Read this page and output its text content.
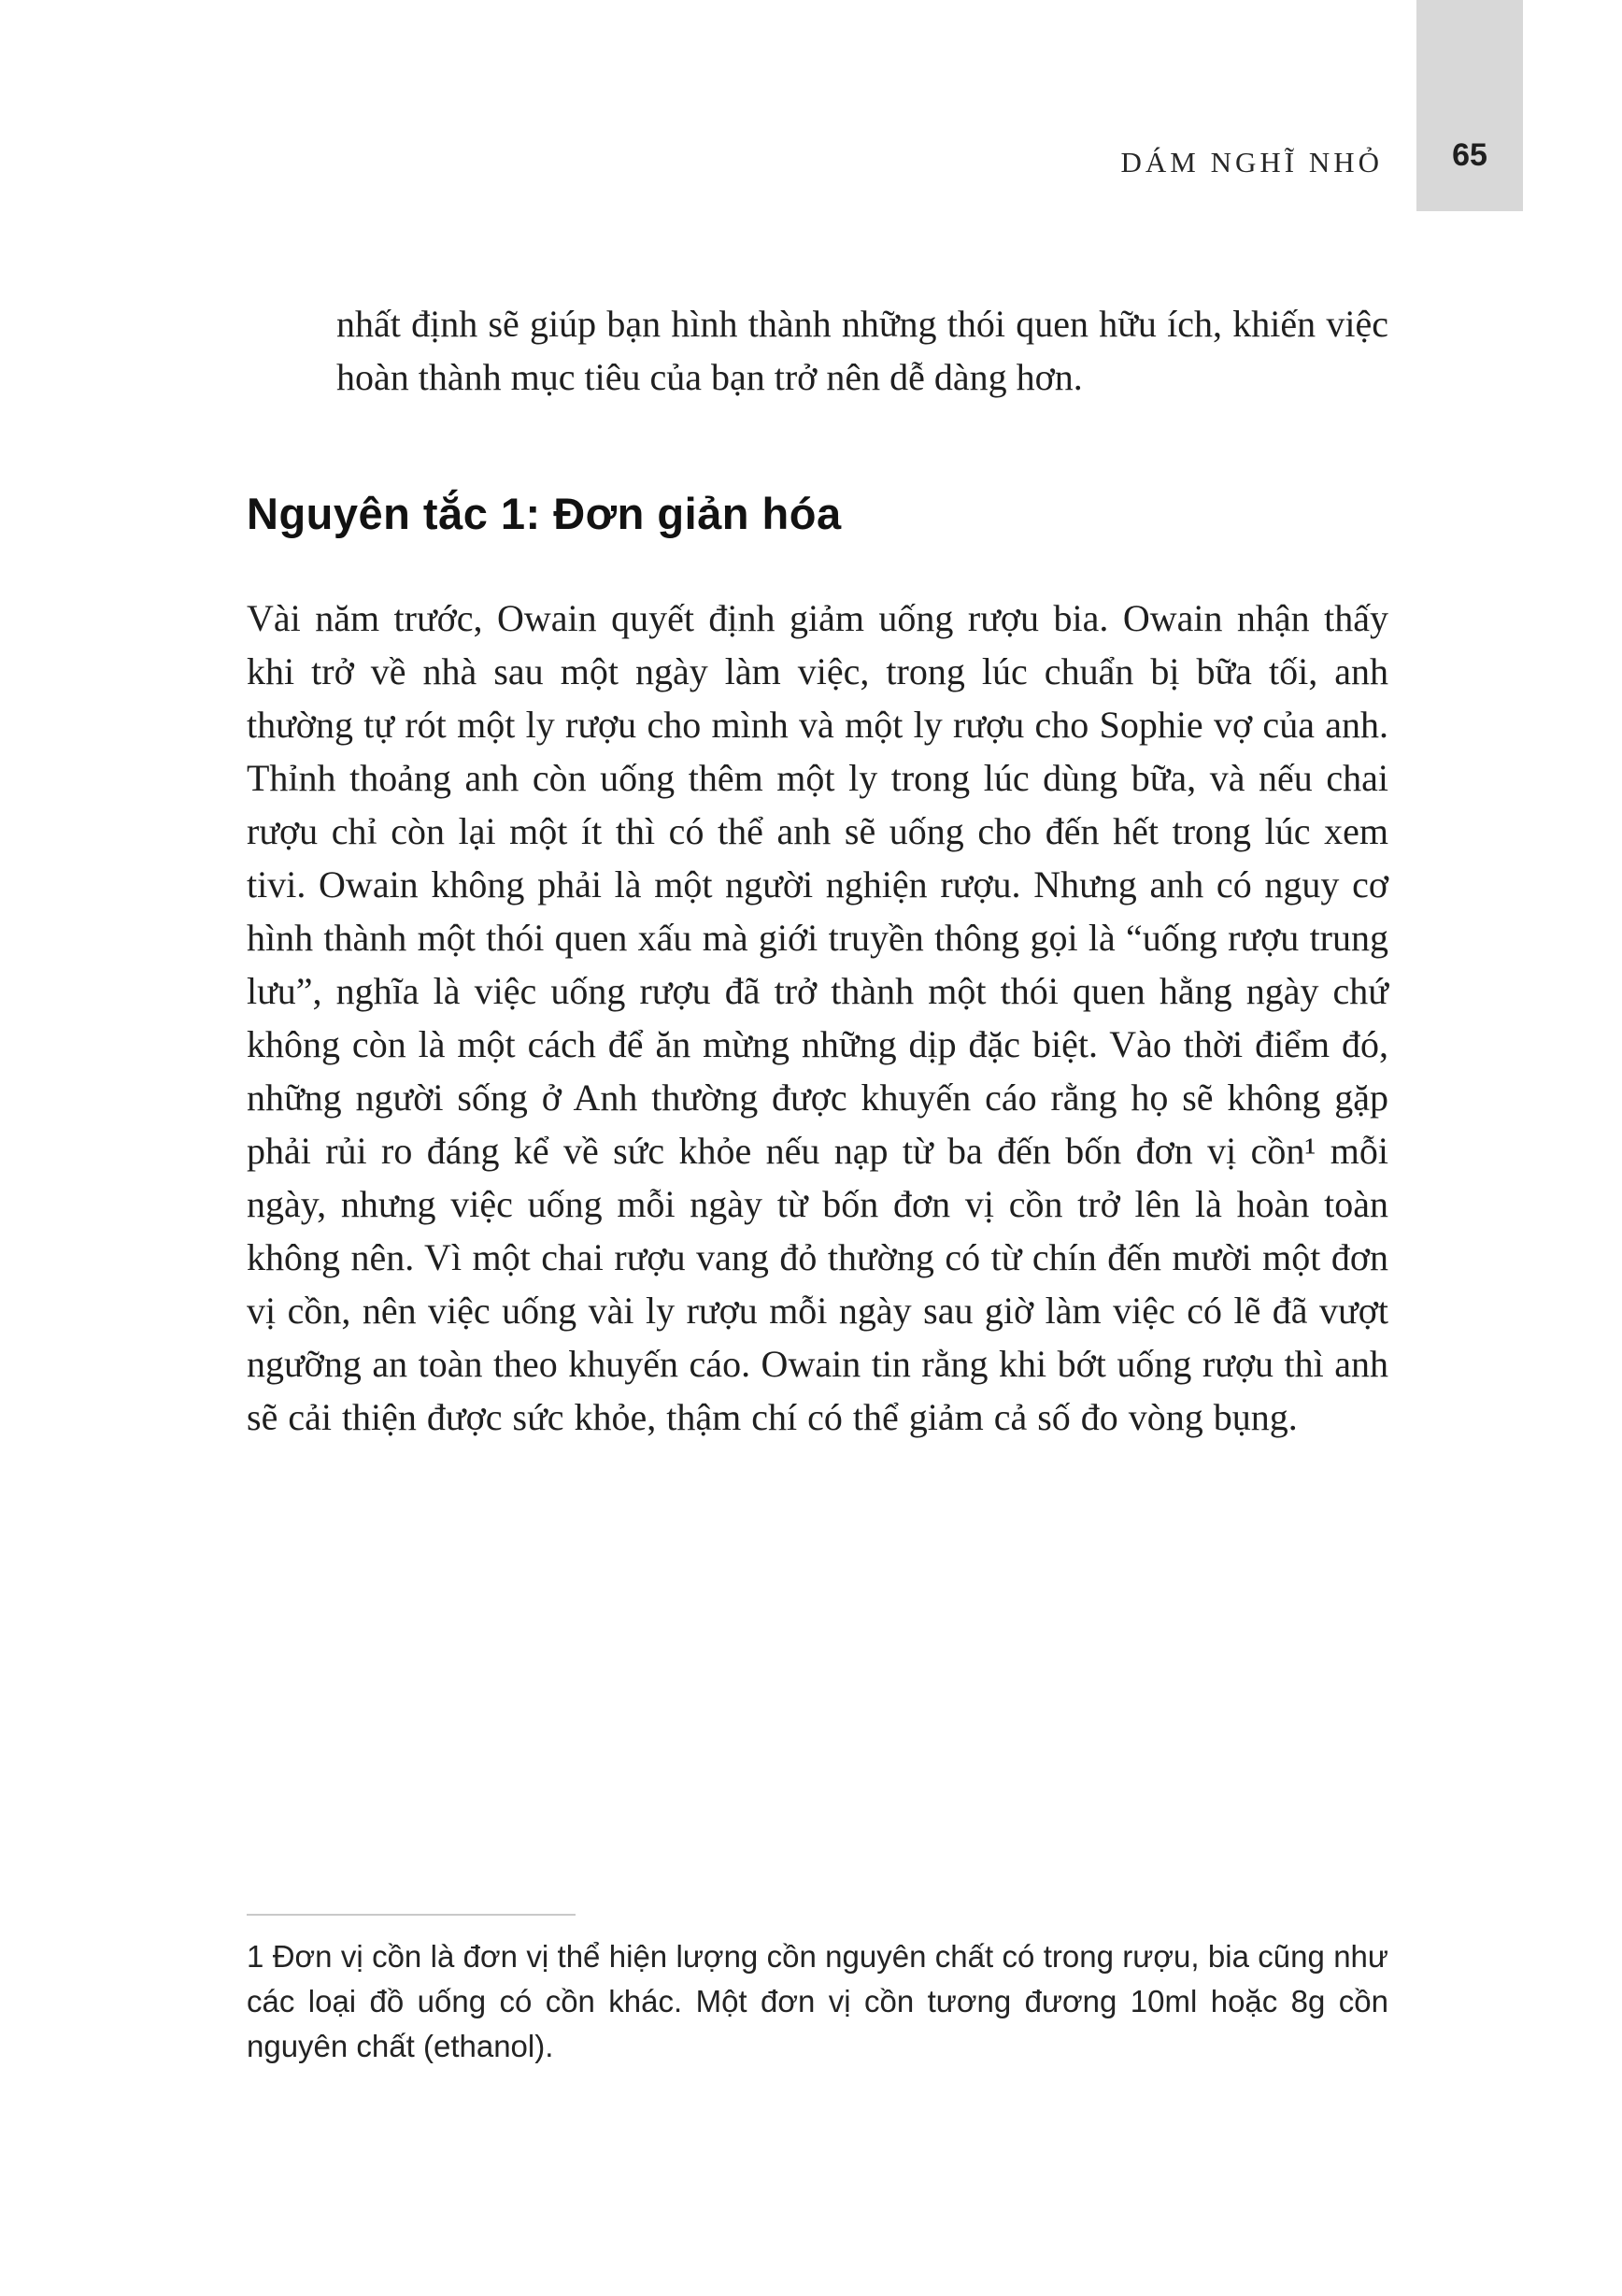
65
DÁM NGHĨ NHỎ

nhất định sẽ giúp bạn hình thành những thói quen hữu ích, khiến việc hoàn thành mục tiêu của bạn trở nên dễ dàng hơn.

Nguyên tắc 1: Đơn giản hóa

Vài năm trước, Owain quyết định giảm uống rượu bia. Owain nhận thấy khi trở về nhà sau một ngày làm việc, trong lúc chuẩn bị bữa tối, anh thường tự rót một ly rượu cho mình và một ly rượu cho Sophie vợ của anh. Thỉnh thoảng anh còn uống thêm một ly trong lúc dùng bữa, và nếu chai rượu chỉ còn lại một ít thì có thể anh sẽ uống cho đến hết trong lúc xem tivi. Owain không phải là một người nghiện rượu. Nhưng anh có nguy cơ hình thành một thói quen xấu mà giới truyền thông gọi là “uống rượu trung lưu”, nghĩa là việc uống rượu đã trở thành một thói quen hằng ngày chứ không còn là một cách để ăn mừng những dịp đặc biệt. Vào thời điểm đó, những người sống ở Anh thường được khuyến cáo rằng họ sẽ không gặp phải rủi ro đáng kể về sức khỏe nếu nạp từ ba đến bốn đơn vị cồn¹ mỗi ngày, nhưng việc uống mỗi ngày từ bốn đơn vị cồn trở lên là hoàn toàn không nên. Vì một chai rượu vang đỏ thường có từ chín đến mười một đơn vị cồn, nên việc uống vài ly rượu mỗi ngày sau giờ làm việc có lẽ đã vượt ngưỡng an toàn theo khuyến cáo. Owain tin rằng khi bớt uống rượu thì anh sẽ cải thiện được sức khỏe, thậm chí có thể giảm cả số đo vòng bụng.

1 Đơn vị cồn là đơn vị thể hiện lượng cồn nguyên chất có trong rượu, bia cũng như các loại đồ uống có cồn khác. Một đơn vị cồn tương đương 10ml hoặc 8g cồn nguyên chất (ethanol).
